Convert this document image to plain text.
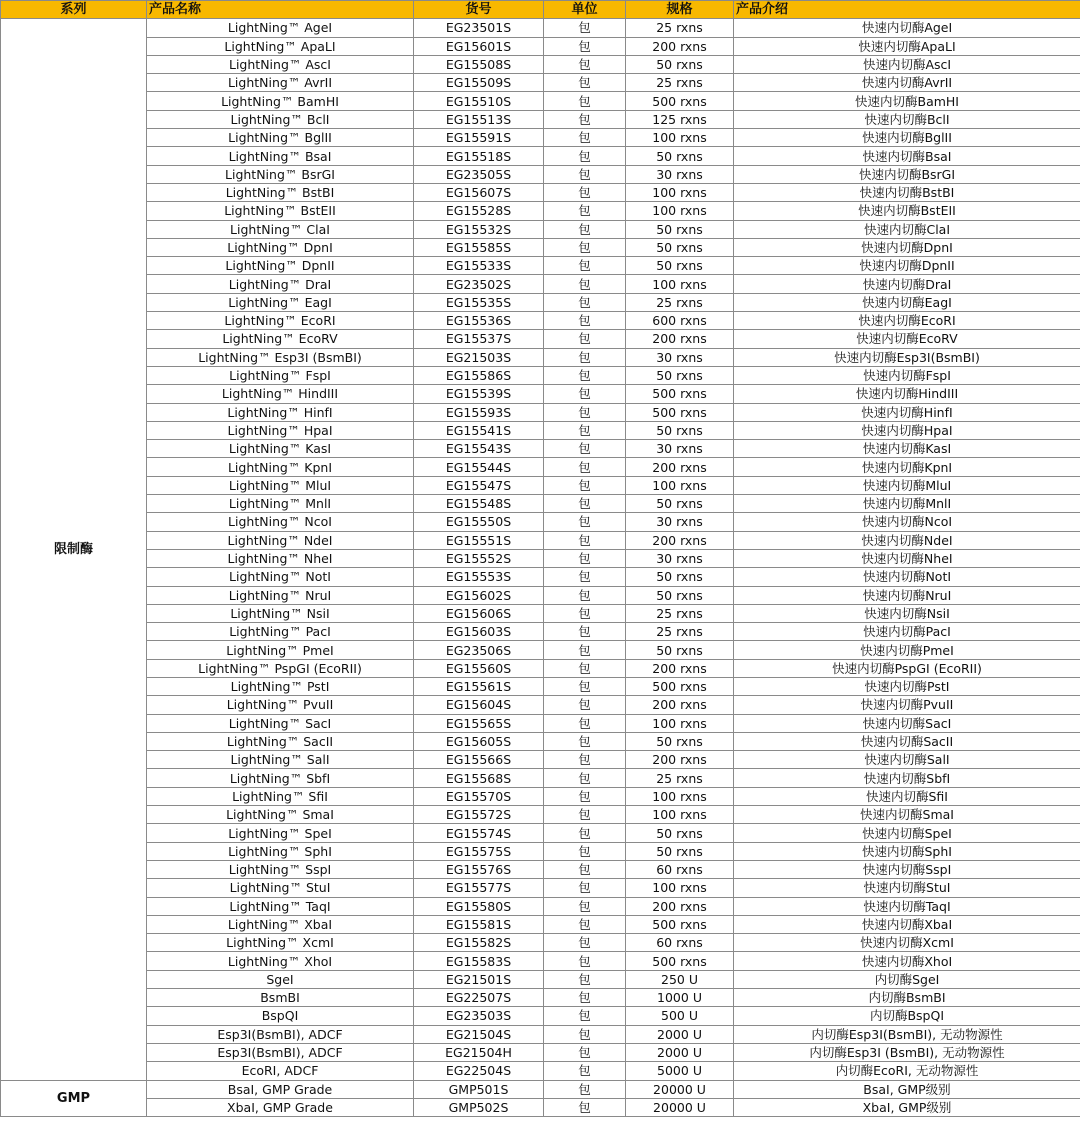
系列	产品名称	货号	单位	规格	产品介绍
限制酶	LightNing™ AgeI	EG23501S	包	25 rxns	快速内切酶AgeI
	LightNing™ ApaLI	EG15601S	包	200 rxns	快速内切酶ApaLI
	LightNing™ AscI	EG15508S	包	50 rxns	快速内切酶AscI
	LightNing™ AvrII	EG15509S	包	25 rxns	快速内切酶AvrII
	LightNing™ BamHI	EG15510S	包	500 rxns	快速内切酶BamHI
	LightNing™ BclI	EG15513S	包	125 rxns	快速内切酶BclI
	LightNing™ BglII	EG15591S	包	100 rxns	快速内切酶BglII
	LightNing™ BsaI	EG15518S	包	50 rxns	快速内切酶BsaI
	LightNing™ BsrGI	EG23505S	包	30 rxns	快速内切酶BsrGI
	LightNing™ BstBI	EG15607S	包	100 rxns	快速内切酶BstBI
	LightNing™ BstEII	EG15528S	包	100 rxns	快速内切酶BstEII
	LightNing™ ClaI	EG15532S	包	50 rxns	快速内切酶ClaI
	LightNing™ DpnI	EG15585S	包	50 rxns	快速内切酶DpnI
	LightNing™ DpnII	EG15533S	包	50 rxns	快速内切酶DpnII
	LightNing™ DraI	EG23502S	包	100 rxns	快速内切酶DraI
	LightNing™ EagI	EG15535S	包	25 rxns	快速内切酶EagI
	LightNing™ EcoRI	EG15536S	包	600 rxns	快速内切酶EcoRI
	LightNing™ EcoRV	EG15537S	包	200 rxns	快速内切酶EcoRV
	LightNing™ Esp3I (BsmBI)	EG21503S	包	30 rxns	快速内切酶Esp3I(BsmBI)
	LightNing™ FspI	EG15586S	包	50 rxns	快速内切酶FspI
	LightNing™ HindIII	EG15539S	包	500 rxns	快速内切酶HindIII
	LightNing™ HinfI	EG15593S	包	500 rxns	快速内切酶HinfI
	LightNing™ HpaI	EG15541S	包	50 rxns	快速内切酶HpaI
	LightNing™ KasI	EG15543S	包	30 rxns	快速内切酶KasI
	LightNing™ KpnI	EG15544S	包	200 rxns	快速内切酶KpnI
	LightNing™ MluI	EG15547S	包	100 rxns	快速内切酶MluI
	LightNing™ MnlI	EG15548S	包	50 rxns	快速内切酶MnlI
	LightNing™ NcoI	EG15550S	包	30 rxns	快速内切酶NcoI
	LightNing™ NdeI	EG15551S	包	200 rxns	快速内切酶NdeI
	LightNing™ NheI	EG15552S	包	30 rxns	快速内切酶NheI
	LightNing™ NotI	EG15553S	包	50 rxns	快速内切酶NotI
	LightNing™ NruI	EG15602S	包	50 rxns	快速内切酶NruI
	LightNing™ NsiI	EG15606S	包	25 rxns	快速内切酶NsiI
	LightNing™ PacI	EG15603S	包	25 rxns	快速内切酶PacI
	LightNing™ PmeI	EG23506S	包	50 rxns	快速内切酶PmeI
	LightNing™ PspGI (EcoRII)	EG15560S	包	200 rxns	快速内切酶PspGI (EcoRII)
	LightNing™ PstI	EG15561S	包	500 rxns	快速内切酶PstI
	LightNing™ PvuII	EG15604S	包	200 rxns	快速内切酶PvuII
	LightNing™ SacI	EG15565S	包	100 rxns	快速内切酶SacI
	LightNing™ SacII	EG15605S	包	50 rxns	快速内切酶SacII
	LightNing™ SalI	EG15566S	包	200 rxns	快速内切酶SalI
	LightNing™ SbfI	EG15568S	包	25 rxns	快速内切酶SbfI
	LightNing™ SfiI	EG15570S	包	100 rxns	快速内切酶SfiI
	LightNing™ SmaI	EG15572S	包	100 rxns	快速内切酶SmaI
	LightNing™ SpeI	EG15574S	包	50 rxns	快速内切酶SpeI
	LightNing™ SphI	EG15575S	包	50 rxns	快速内切酶SphI
	LightNing™ SspI	EG15576S	包	60 rxns	快速内切酶SspI
	LightNing™ StuI	EG15577S	包	100 rxns	快速内切酶StuI
	LightNing™ TaqI	EG15580S	包	200 rxns	快速内切酶TaqI
	LightNing™ XbaI	EG15581S	包	500 rxns	快速内切酶XbaI
	LightNing™ XcmI	EG15582S	包	60 rxns	快速内切酶XcmI
	LightNing™ XhoI	EG15583S	包	500 rxns	快速内切酶XhoI
	SgeI	EG21501S	包	250 U	内切酶SgeI
	BsmBI	EG22507S	包	1000 U	内切酶BsmBI
	BspQI	EG23503S	包	500 U	内切酶BspQI
	Esp3I(BsmBI), ADCF	EG21504S	包	2000 U	内切酶Esp3I(BsmBI), 无动物源性
	Esp3I(BsmBI), ADCF	EG21504H	包	2000 U	内切酶Esp3I (BsmBI), 无动物源性
	EcoRI, ADCF	EG22504S	包	5000 U	内切酶EcoRI, 无动物源性
GMP	BsaI, GMP Grade	GMP501S	包	20000 U	BsaI, GMP级别
	XbaI, GMP Grade	GMP502S	包	20000 U	XbaI, GMP级别
